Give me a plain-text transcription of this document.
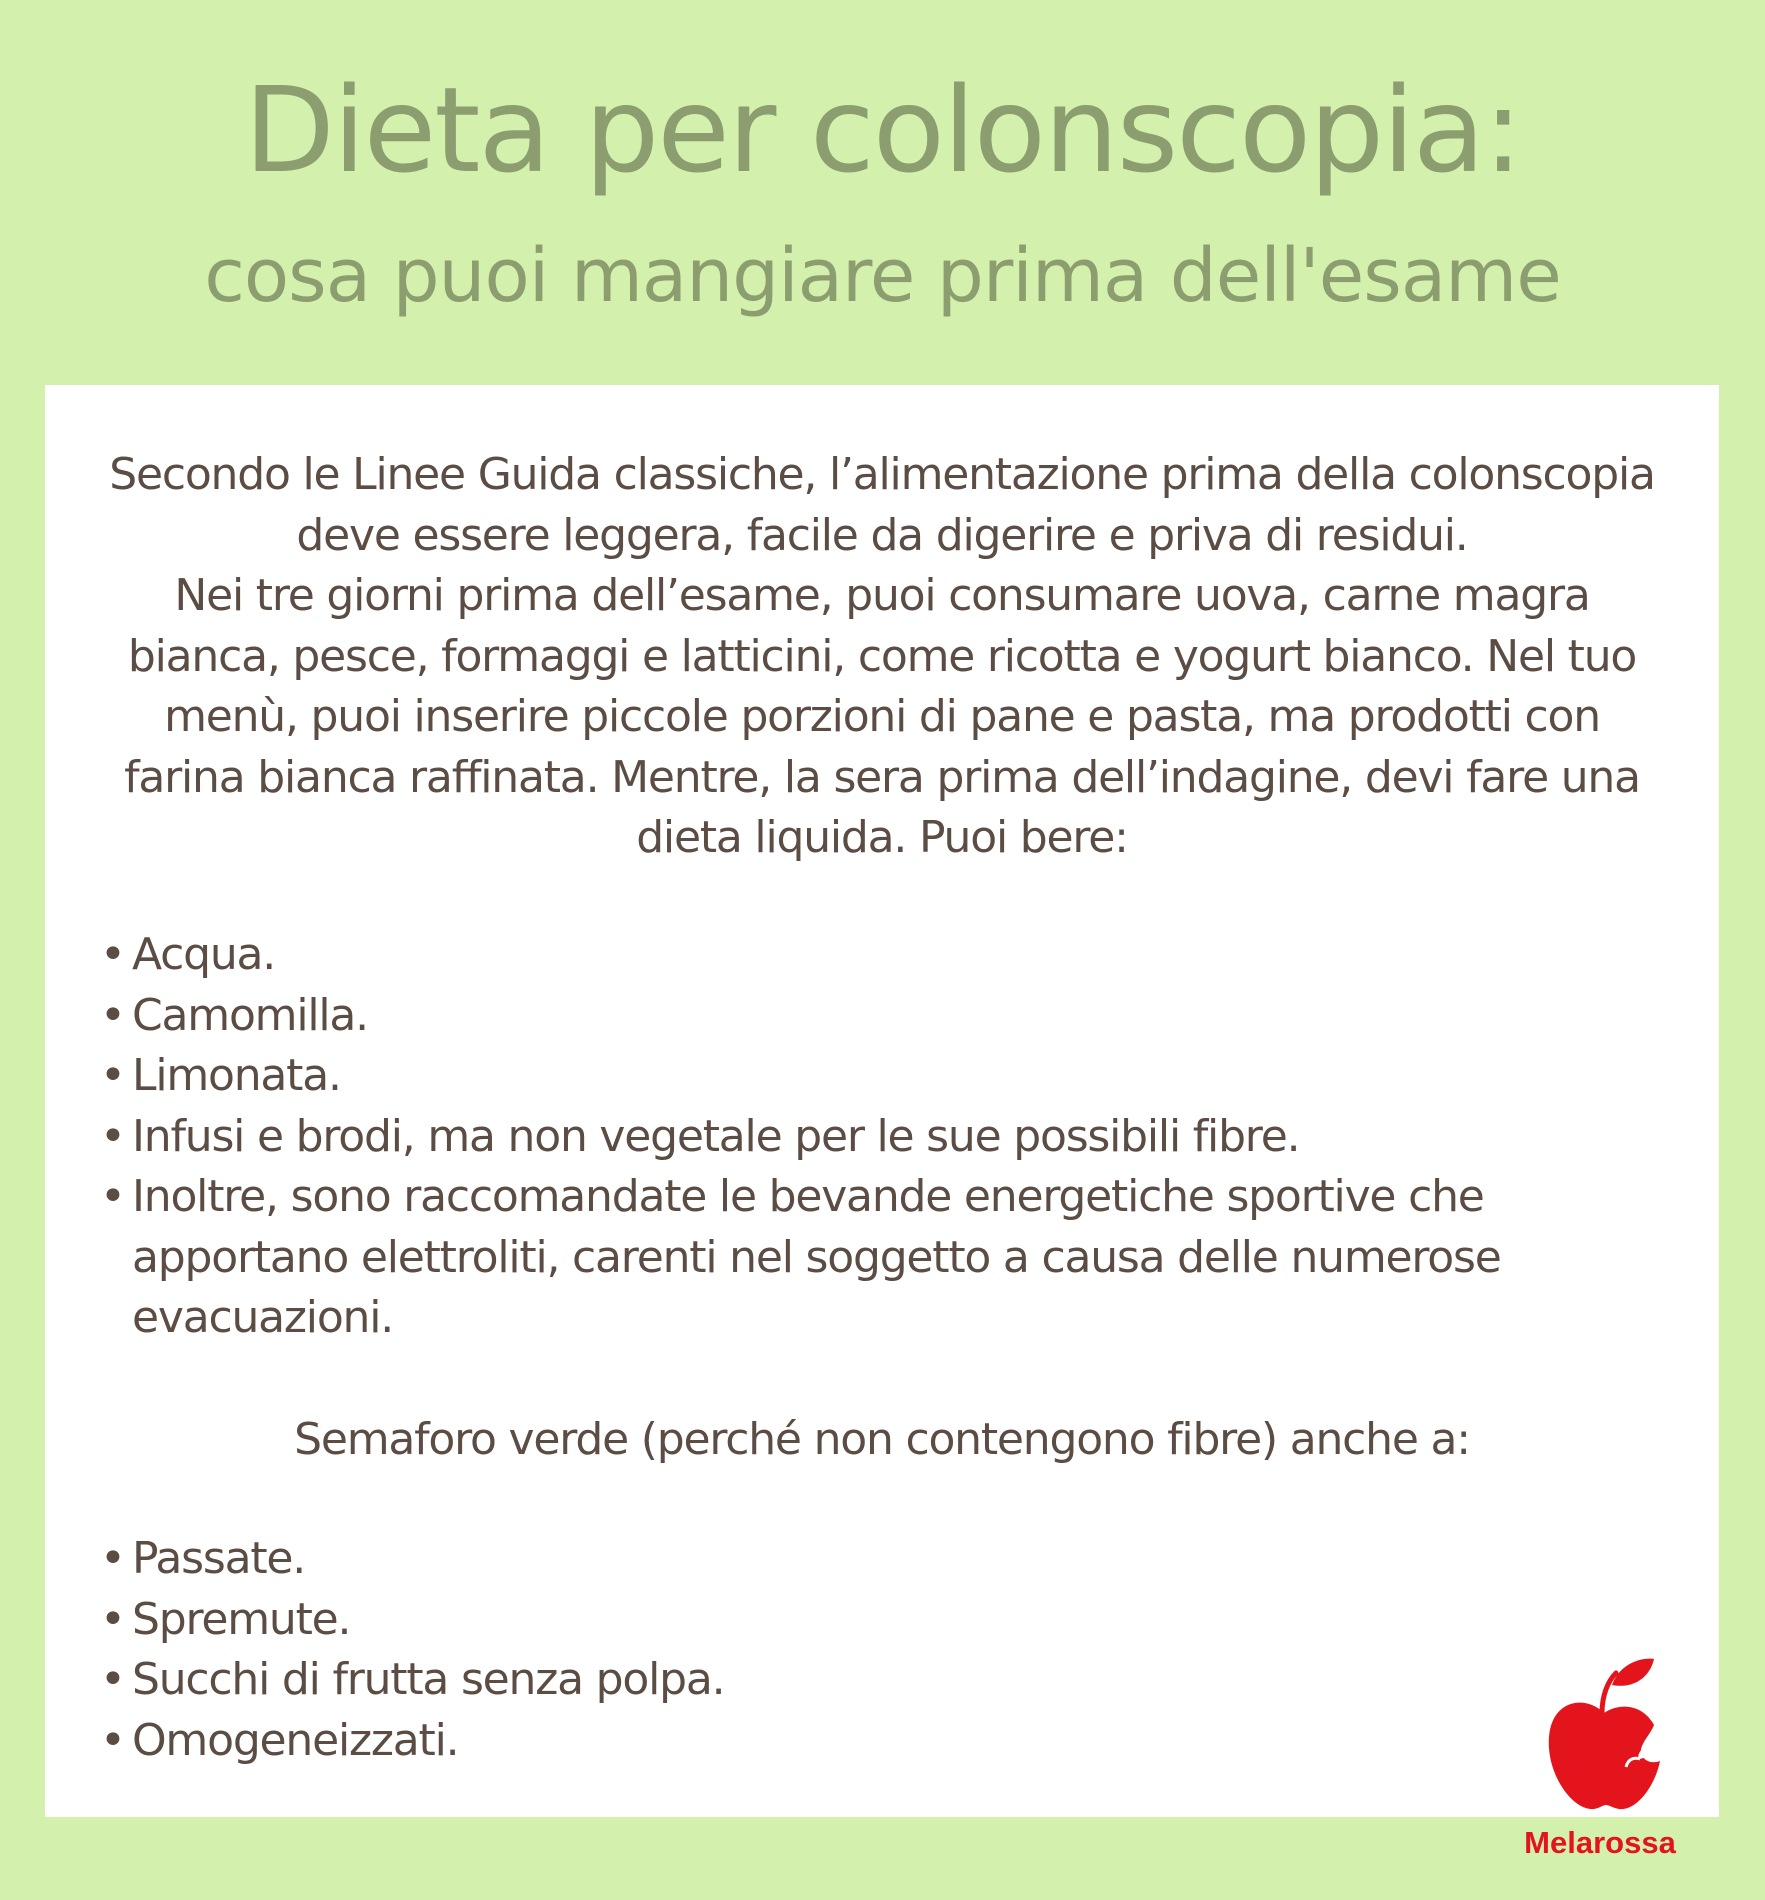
Dieta per colonscopia:
cosa puoi mangiare prima dell'esame

Secondo le Linee Guida classiche, l’alimentazione prima della colonscopia deve essere leggera, facile da digerire e priva di residui.

Nei tre giorni prima dell’esame, puoi consumare uova, carne magra bianca, pesce, formaggi e latticini, come ricotta e yogurt bianco. Nel tuo menù, puoi inserire piccole porzioni di pane e pasta, ma prodotti con farina bianca raffinata. Mentre, la sera prima dell’indagine, devi fare una dieta liquida. Puoi bere:

• Acqua.
• Camomilla.
• Limonata.
• Infusi e brodi, ma non vegetale per le sue possibili fibre.
• Inoltre, sono raccomandate le bevande energetiche sportive che apportano elettroliti, carenti nel soggetto a causa delle numerose evacuazioni.

Semaforo verde (perché non contengono fibre) anche a:

• Passate.
• Spremute.
• Succhi di frutta senza polpa.
• Omogeneizzati.
Melarossa
